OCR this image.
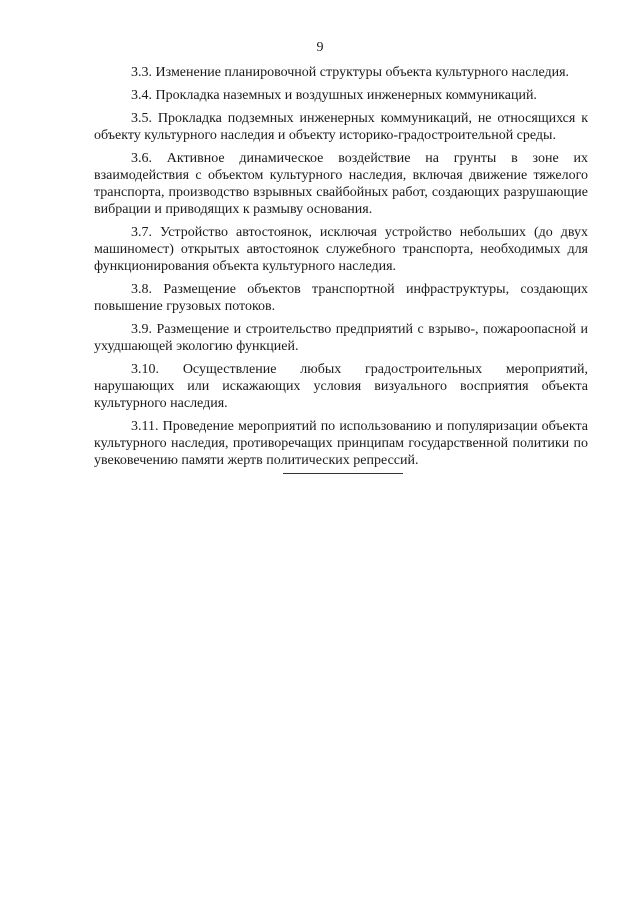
9

3.3. Изменение планировочной структуры объекта культурного наследия.

3.4. Прокладка наземных и воздушных инженерных коммуникаций.

3.5. Прокладка подземных инженерных коммуникаций, не относящихся к объекту культурного наследия и объекту историко-градостроительной среды.

3.6. Активное динамическое воздействие на грунты в зоне их взаимодействия с объектом культурного наследия, включая движение тяжелого транспорта, производство взрывных свайбойных работ, создающих разрушающие вибрации и приводящих к размыву основания.

3.7. Устройство автостоянок, исключая устройство небольших (до двух машиномест) открытых автостоянок служебного транспорта, необходимых для функционирования объекта культурного наследия.

3.8. Размещение объектов транспортной инфраструктуры, создающих повышение грузовых потоков.

3.9. Размещение и строительство предприятий с взрыво-, пожароопасной и ухудшающей экологию функцией.

3.10. Осуществление любых градостроительных мероприятий, нарушающих или искажающих условия визуального восприятия объекта культурного наследия.

3.11. Проведение мероприятий по использованию и популяризации объекта культурного наследия, противоречащих принципам государственной политики по увековечению памяти жертв политических репрессий.
